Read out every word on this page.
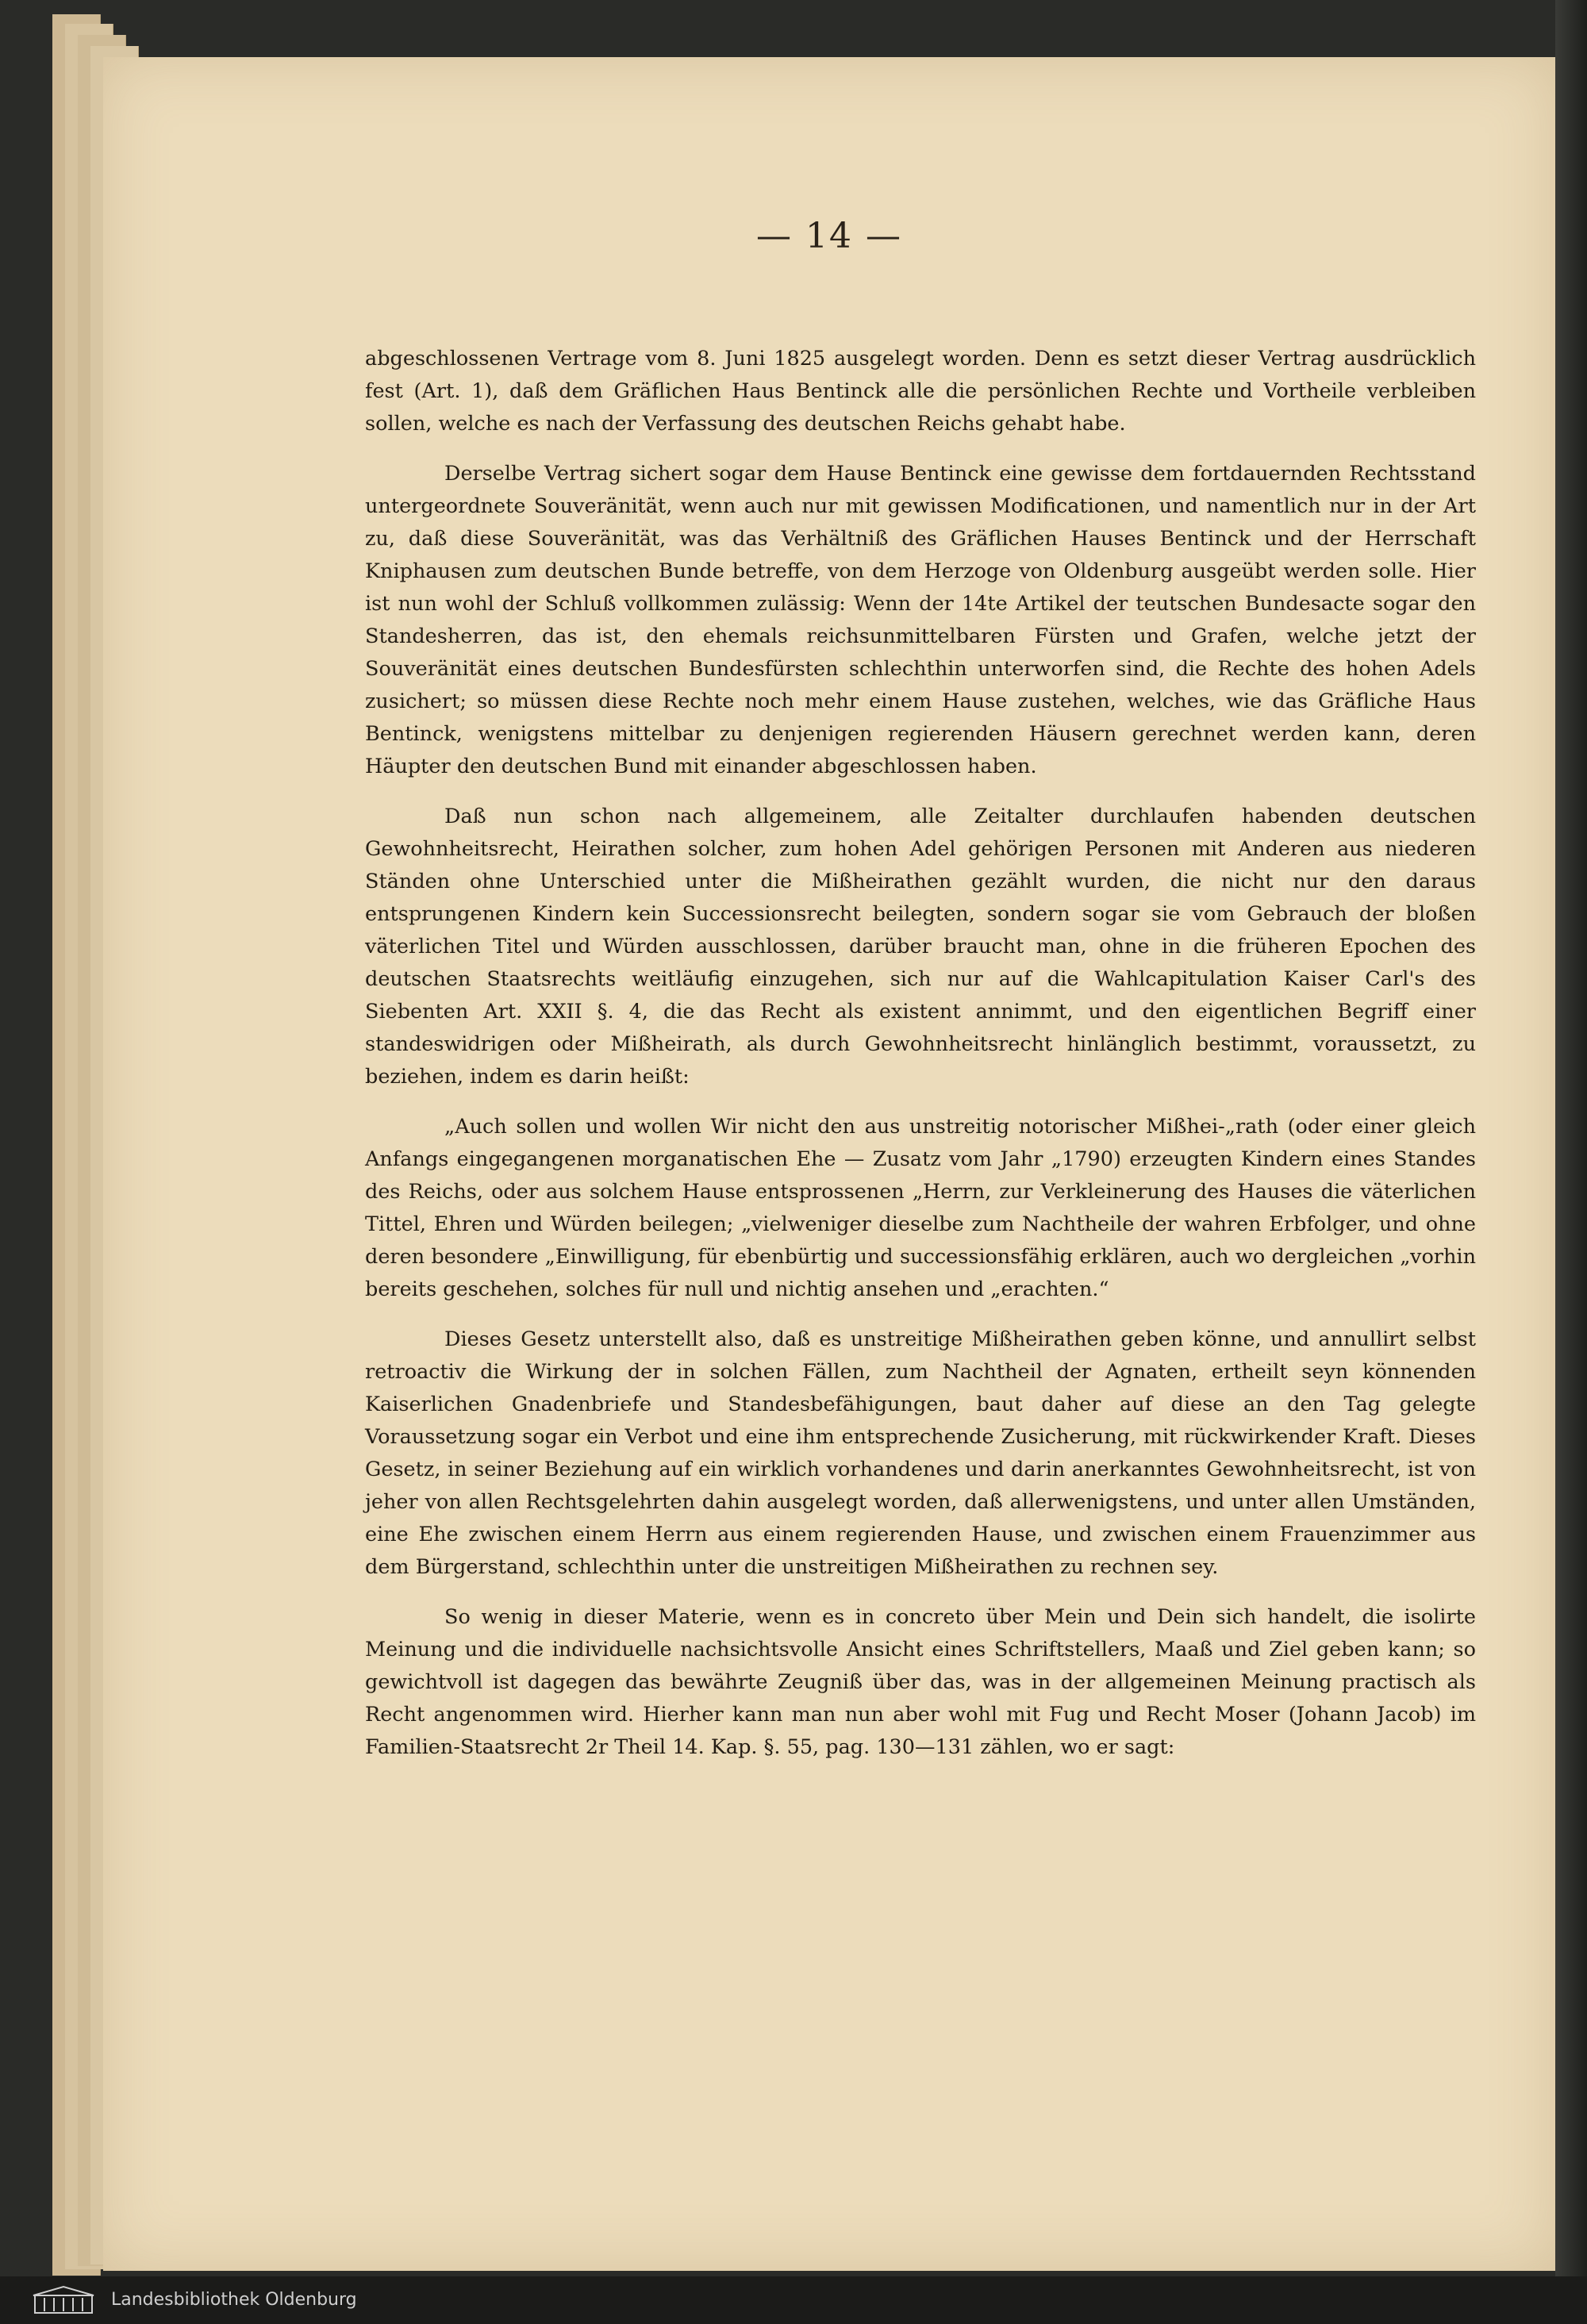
— 14 —

abgeschlossenen Vertrage vom 8. Juni 1825 ausgelegt worden. Denn es setzt dieser Vertrag ausdrücklich fest (Art. 1), daß dem Gräflichen Haus Bentinck alle die persönlichen Rechte und Vortheile verbleiben sollen, welche es nach der Verfassung des deutschen Reichs gehabt habe.

Derselbe Vertrag sichert sogar dem Hause Bentinck eine gewisse dem fortdauernden Rechtsstand untergeordnete Souveränität, wenn auch nur mit gewissen Modificationen, und namentlich nur in der Art zu, daß diese Souveränität, was das Verhältniß des Gräflichen Hauses Bentinck und der Herrschaft Kniphausen zum deutschen Bunde betreffe, von dem Herzoge von Oldenburg ausgeübt werden solle. Hier ist nun wohl der Schluß vollkommen zulässig: Wenn der 14te Artikel der teutschen Bundesacte sogar den Standesherren, das ist, den ehemals reichsunmittelbaren Fürsten und Grafen, welche jetzt der Souveränität eines deutschen Bundesfürsten schlechthin unterworfen sind, die Rechte des hohen Adels zusichert; so müssen diese Rechte noch mehr einem Hause zustehen, welches, wie das Gräfliche Haus Bentinck, wenigstens mittelbar zu denjenigen regierenden Häusern gerechnet werden kann, deren Häupter den deutschen Bund mit einander abgeschlossen haben.

Daß nun schon nach allgemeinem, alle Zeitalter durchlaufen habenden deutschen Gewohnheitsrecht, Heirathen solcher, zum hohen Adel gehörigen Personen mit Anderen aus niederen Ständen ohne Unterschied unter die Mißheirathen gezählt wurden, die nicht nur den daraus entsprungenen Kindern kein Successionsrecht beilegten, sondern sogar sie vom Gebrauch der bloßen väterlichen Titel und Würden ausschlossen, darüber braucht man, ohne in die früheren Epochen des deutschen Staatsrechts weitläufig einzugehen, sich nur auf die Wahlcapitulation Kaiser Carl's des Siebenten Art. XXII §. 4, die das Recht als existent annimmt, und den eigentlichen Begriff einer standeswidrigen oder Mißheirath, als durch Gewohnheitsrecht hinlänglich bestimmt, voraussetzt, zu beziehen, indem es darin heißt:

„Auch sollen und wollen Wir nicht den aus unstreitig notorischer Mißhei-„rath (oder einer gleich Anfangs eingegangenen morganatischen Ehe — Zusatz vom Jahr „1790) erzeugten Kindern eines Standes des Reichs, oder aus solchem Hause entsprossenen „Herrn, zur Verkleinerung des Hauses die väterlichen Tittel, Ehren und Würden beilegen; „vielweniger dieselbe zum Nachtheile der wahren Erbfolger, und ohne deren besondere „Einwilligung, für ebenbürtig und successionsfähig erklären, auch wo dergleichen „vorhin bereits geschehen, solches für null und nichtig ansehen und „erachten.“

Dieses Gesetz unterstellt also, daß es unstreitige Mißheirathen geben könne, und annullirt selbst retroactiv die Wirkung der in solchen Fällen, zum Nachtheil der Agnaten, ertheilt seyn könnenden Kaiserlichen Gnadenbriefe und Standesbefähigungen, baut daher auf diese an den Tag gelegte Voraussetzung sogar ein Verbot und eine ihm entsprechende Zusicherung, mit rückwirkender Kraft. Dieses Gesetz, in seiner Beziehung auf ein wirklich vorhandenes und darin anerkanntes Gewohnheitsrecht, ist von jeher von allen Rechtsgelehrten dahin ausgelegt worden, daß allerwenigstens, und unter allen Umständen, eine Ehe zwischen einem Herrn aus einem regierenden Hause, und zwischen einem Frauenzimmer aus dem Bürgerstand, schlechthin unter die unstreitigen Mißheirathen zu rechnen sey.

So wenig in dieser Materie, wenn es in concreto über Mein und Dein sich handelt, die isolirte Meinung und die individuelle nachsichtsvolle Ansicht eines Schriftstellers, Maaß und Ziel geben kann; so gewichtvoll ist dagegen das bewährte Zeugniß über das, was in der allgemeinen Meinung practisch als Recht angenommen wird. Hierher kann man nun aber wohl mit Fug und Recht Moser (Johann Jacob) im Familien-Staatsrecht 2r Theil 14. Kap. §. 55, pag. 130—131 zählen, wo er sagt:

Landesbibliothek Oldenburg
